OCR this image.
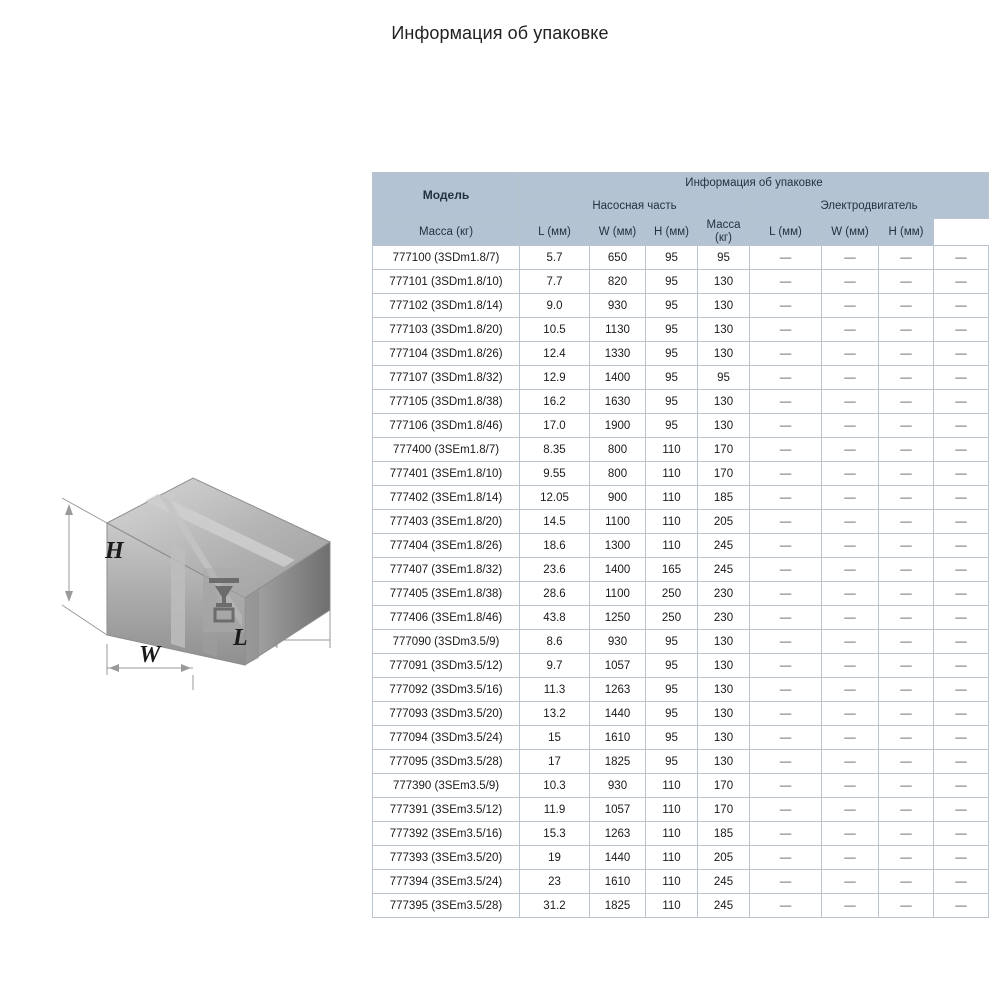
Информация об упаковке
H
W
L
Модель	Информация об упаковке							
	Насосная часть				Электродвигатель			
Масса (кг)	L (мм)	W (мм)	H (мм)	Масса (кг)	L (мм)	W (мм)	H (мм)	
777100 (3SDm1.8/7)	5.7	650	95	95	—	—	—	—
777101 (3SDm1.8/10)	7.7	820	95	130	—	—	—	—
777102 (3SDm1.8/14)	9.0	930	95	130	—	—	—	—
777103 (3SDm1.8/20)	10.5	1130	95	130	—	—	—	—
777104 (3SDm1.8/26)	12.4	1330	95	130	—	—	—	—
777107 (3SDm1.8/32)	12.9	1400	95	95	—	—	—	—
777105 (3SDm1.8/38)	16.2	1630	95	130	—	—	—	—
777106 (3SDm1.8/46)	17.0	1900	95	130	—	—	—	—
777400 (3SEm1.8/7)	8.35	800	110	170	—	—	—	—
777401 (3SEm1.8/10)	9.55	800	110	170	—	—	—	—
777402 (3SEm1.8/14)	12.05	900	110	185	—	—	—	—
777403 (3SEm1.8/20)	14.5	1100	110	205	—	—	—	—
777404 (3SEm1.8/26)	18.6	1300	110	245	—	—	—	—
777407 (3SEm1.8/32)	23.6	1400	165	245	—	—	—	—
777405 (3SEm1.8/38)	28.6	1100	250	230	—	—	—	—
777406 (3SEm1.8/46)	43.8	1250	250	230	—	—	—	—
777090 (3SDm3.5/9)	8.6	930	95	130	—	—	—	—
777091 (3SDm3.5/12)	9.7	1057	95	130	—	—	—	—
777092 (3SDm3.5/16)	11.3	1263	95	130	—	—	—	—
777093 (3SDm3.5/20)	13.2	1440	95	130	—	—	—	—
777094 (3SDm3.5/24)	15	1610	95	130	—	—	—	—
777095 (3SDm3.5/28)	17	1825	95	130	—	—	—	—
777390 (3SEm3.5/9)	10.3	930	110	170	—	—	—	—
777391 (3SEm3.5/12)	11.9	1057	110	170	—	—	—	—
777392 (3SEm3.5/16)	15.3	1263	110	185	—	—	—	—
777393 (3SEm3.5/20)	19	1440	110	205	—	—	—	—
777394 (3SEm3.5/24)	23	1610	110	245	—	—	—	—
777395 (3SEm3.5/28)	31.2	1825	110	245	—	—	—	—
